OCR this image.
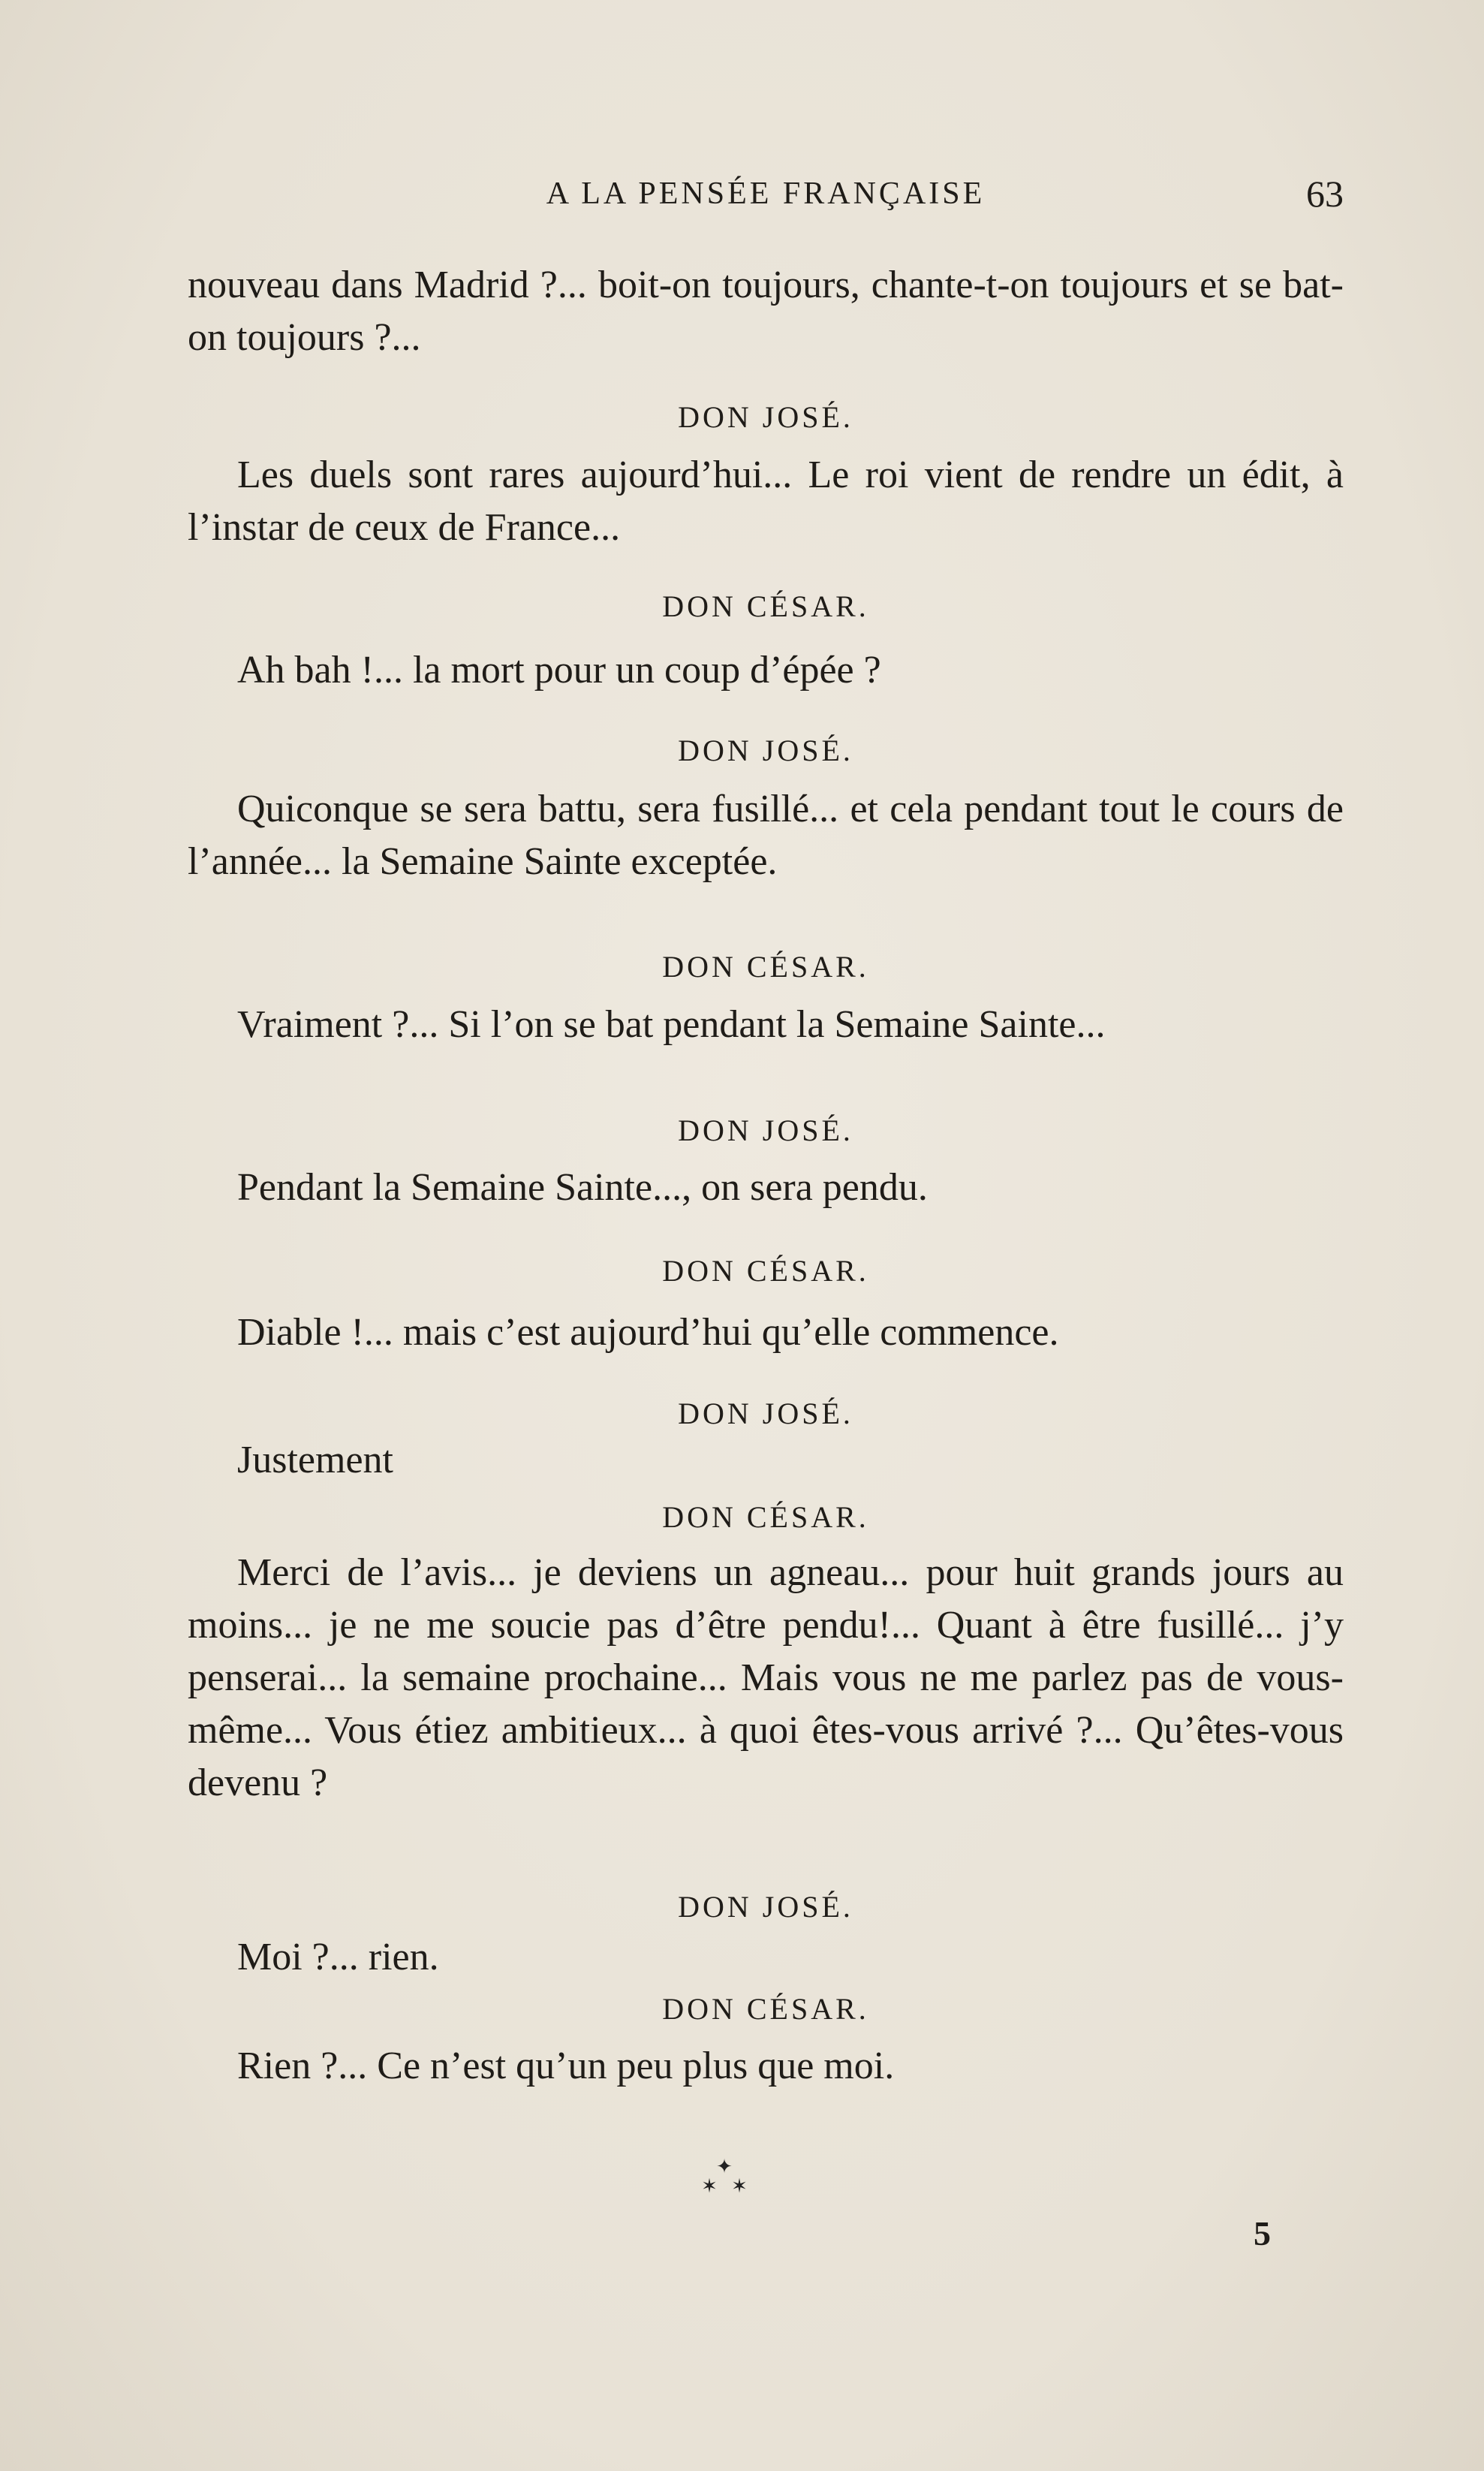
A LA PENSÉE FRANÇAISE	63
nouveau dans Madrid ?... boit-on toujours, chante-t-on toujours et se bat-on toujours ?...
DON JOSÉ.
Les duels sont rares aujourd’hui... Le roi vient de rendre un édit, à l’instar de ceux de France...
DON CÉSAR.
Ah bah !... la mort pour un coup d’épée ?
DON JOSÉ.
Quiconque se sera battu, sera fusillé... et cela pendant tout le cours de l’année... la Semaine Sainte exceptée.
DON CÉSAR.
Vraiment ?... Si l’on se bat pendant la Semaine Sainte...
DON JOSÉ.
Pendant la Semaine Sainte..., on sera pendu.
DON CÉSAR.
Diable !... mais c’est aujourd’hui qu’elle commence.
DON JOSÉ.
Justement
DON CÉSAR.
Merci de l’avis... je deviens un agneau... pour huit grands jours au moins... je ne me soucie pas d’être pendu!... Quant à être fusillé... j’y penserai... la semaine prochaine... Mais vous ne me parlez pas de vous-même... Vous étiez ambitieux... à quoi êtes-vous arrivé ?... Qu’êtes-vous devenu ?
DON JOSÉ.
Moi ?... rien.
DON CÉSAR.
Rien ?... Ce n’est qu’un peu plus que moi.
✦
✶ ✶
5
